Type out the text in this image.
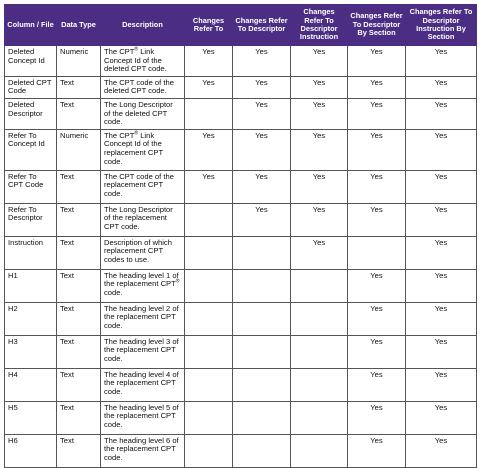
Column / File	Data Type	Description	Changes Refer To	Changes Refer To Descriptor	Changes Refer To Descriptor Instruction	Changes Refer To Descriptor By Section	Changes Refer To Descriptor Instruction By Section
Deleted Concept Id	Numeric	The CPT® Link Concept Id of the deleted CPT code.	Yes	Yes	Yes	Yes	Yes
Deleted CPT Code	Text	The CPT code of the deleted CPT code.	Yes	Yes	Yes	Yes	Yes
Deleted Descriptor	Text	The Long Descriptor of the deleted CPT code.		Yes	Yes	Yes	Yes
Refer To Concept Id	Numeric	The CPT® Link Concept Id of the replacement CPT code.	Yes	Yes	Yes	Yes	Yes
Refer To CPT Code	Text	The CPT code of the replacement CPT code.	Yes	Yes	Yes	Yes	Yes
Refer To Descriptor	Text	The Long Descriptor of the replacement CPT code.		Yes	Yes	Yes	Yes
Instruction	Text	Description of which replacement CPT codes to use.			Yes		Yes
H1	Text	The heading level 1 of the replacement CPT® code.				Yes	Yes
H2	Text	The heading level 2 of the replacement CPT code.				Yes	Yes
H3	Text	The heading level 3 of the replacement CPT code.				Yes	Yes
H4	Text	The heading level 4 of the replacement CPT code.				Yes	Yes
H5	Text	The heading level 5 of the replacement CPT code.				Yes	Yes
H6	Text	The heading level 6 of the replacement CPT code.				Yes	Yes
